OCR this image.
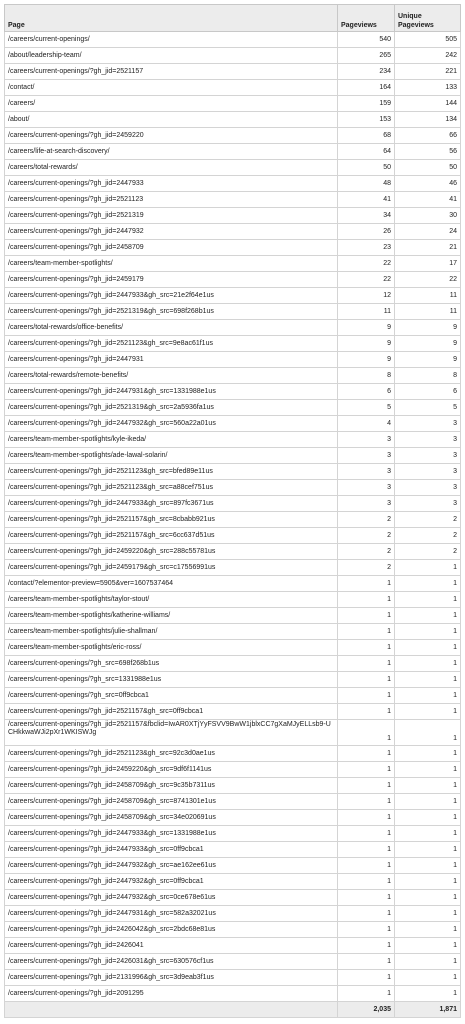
Page	Pageviews	Unique Pageviews
/careers/current-openings/	540	505
/about/leadership-team/	265	242
/careers/current-openings/?gh_jid=2521157	234	221
/contact/	164	133
/careers/	159	144
/about/	153	134
/careers/current-openings/?gh_jid=2459220	68	66
/careers/life-at-search-discovery/	64	56
/careers/total-rewards/	50	50
/careers/current-openings/?gh_jid=2447933	48	46
/careers/current-openings/?gh_jid=2521123	41	41
/careers/current-openings/?gh_jid=2521319	34	30
/careers/current-openings/?gh_jid=2447932	26	24
/careers/current-openings/?gh_jid=2458709	23	21
/careers/team-member-spotlights/	22	17
/careers/current-openings/?gh_jid=2459179	22	22
/careers/current-openings/?gh_jid=2447933&gh_src=21e2f64e1us	12	11
/careers/current-openings/?gh_jid=2521319&gh_src=698f268b1us	11	11
/careers/total-rewards/office-benefits/	9	9
/careers/current-openings/?gh_jid=2521123&gh_src=9e8ac61f1us	9	9
/careers/current-openings/?gh_jid=2447931	9	9
/careers/total-rewards/remote-benefits/	8	8
/careers/current-openings/?gh_jid=2447931&gh_src=1331988e1us	6	6
/careers/current-openings/?gh_jid=2521319&gh_src=2a5936fa1us	5	5
/careers/current-openings/?gh_jid=2447932&gh_src=560a22a01us	4	3
/careers/team-member-spotlights/kyle-ikeda/	3	3
/careers/team-member-spotlights/ade-lawal-solarin/	3	3
/careers/current-openings/?gh_jid=2521123&gh_src=bfed89e11us	3	3
/careers/current-openings/?gh_jid=2521123&gh_src=a88cef751us	3	3
/careers/current-openings/?gh_jid=2447933&gh_src=897fc3671us	3	3
/careers/current-openings/?gh_jid=2521157&gh_src=8cbabb921us	2	2
/careers/current-openings/?gh_jid=2521157&gh_src=6cc637d51us	2	2
/careers/current-openings/?gh_jid=2459220&gh_src=288c55781us	2	2
/careers/current-openings/?gh_jid=2459179&gh_src=c17556991us	2	1
/contact/?elementor-preview=5905&ver=1607537464	1	1
/careers/team-member-spotlights/taylor-stout/	1	1
/careers/team-member-spotlights/katherine-williams/	1	1
/careers/team-member-spotlights/julie-shallman/	1	1
/careers/team-member-spotlights/eric-ross/	1	1
/careers/current-openings/?gh_src=698f268b1us	1	1
/careers/current-openings/?gh_src=1331988e1us	1	1
/careers/current-openings/?gh_src=0ff9cbca1	1	1
/careers/current-openings/?gh_jid=2521157&gh_src=0ff9cbca1	1	1
/careers/current-openings/?gh_jid=2521157&fbclid=IwAR0XTjYyFSVV9BwW1jblxCC7gXaMJyELLsb9-UCHkkwaWJi2pXr1WKISWJg	1	1
/careers/current-openings/?gh_jid=2521123&gh_src=92c3d0ae1us	1	1
/careers/current-openings/?gh_jid=2459220&gh_src=9df6f1141us	1	1
/careers/current-openings/?gh_jid=2458709&gh_src=9c35b7311us	1	1
/careers/current-openings/?gh_jid=2458709&gh_src=8741301e1us	1	1
/careers/current-openings/?gh_jid=2458709&gh_src=34e020691us	1	1
/careers/current-openings/?gh_jid=2447933&gh_src=1331988e1us	1	1
/careers/current-openings/?gh_jid=2447933&gh_src=0ff9cbca1	1	1
/careers/current-openings/?gh_jid=2447932&gh_src=ae162ee61us	1	1
/careers/current-openings/?gh_jid=2447932&gh_src=0ff9cbca1	1	1
/careers/current-openings/?gh_jid=2447932&gh_src=0ce678e61us	1	1
/careers/current-openings/?gh_jid=2447931&gh_src=582a32021us	1	1
/careers/current-openings/?gh_jid=2426042&gh_src=2bdc68e81us	1	1
/careers/current-openings/?gh_jid=2426041	1	1
/careers/current-openings/?gh_jid=2426031&gh_src=630576cf1us	1	1
/careers/current-openings/?gh_jid=2131996&gh_src=3d9eab3f1us	1	1
/careers/current-openings/?gh_jid=2091295	1	1
	2,035	1,871
